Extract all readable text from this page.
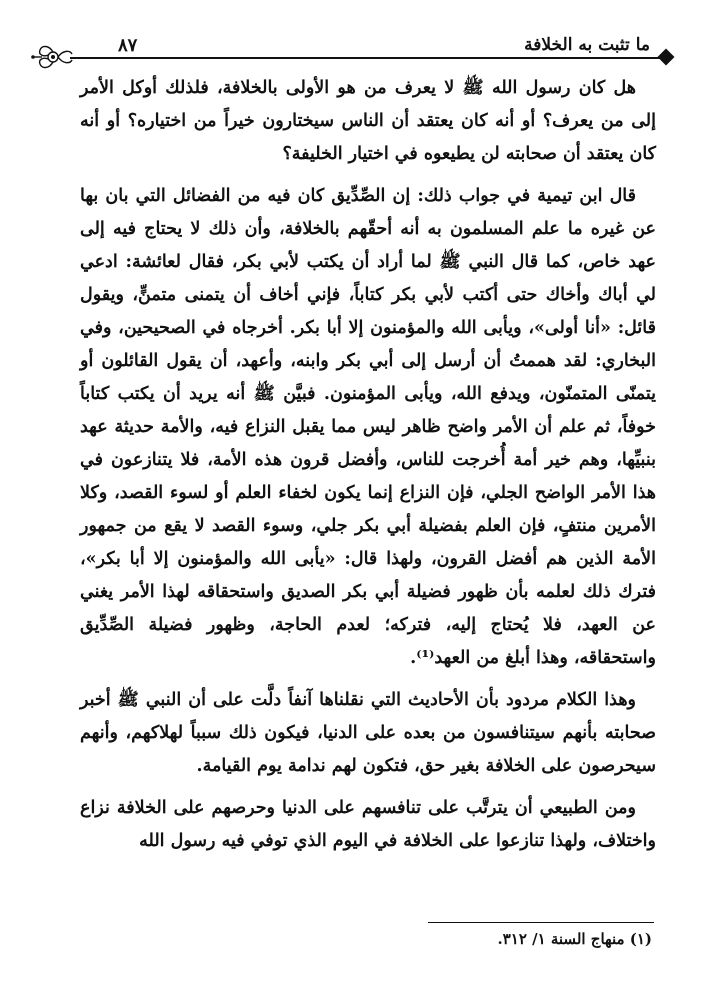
٨٧	ما تثبت به الخلافة

هل كان رسول الله ﷺ لا يعرف من هو الأولى بالخلافة، فلذلك أوكل الأمر إلى من يعرف؟ أو أنه كان يعتقد أن الناس سيختارون خيراً من اختياره؟ أو أنه كان يعتقد أن صحابته لن يطيعوه في اختيار الخليفة؟

قال ابن تيمية في جواب ذلك: إن الصِّدِّيق كان فيه من الفضائل التي بان بها عن غيره ما علم المسلمون به أنه أحقّهم بالخلافة، وأن ذلك لا يحتاج فيه إلى عهد خاص، كما قال النبي ﷺ لما أراد أن يكتب لأبي بكر، فقال لعائشة: ادعي لي أباك وأخاك حتى أكتب لأبي بكر كتاباً، فإني أخاف أن يتمنى متمنٍّ، ويقول قائل: «أنا أولى»، ويأبى الله والمؤمنون إلا أبا بكر. أخرجاه في الصحيحين، وفي البخاري: لقد هممتُ أن أرسل إلى أبي بكر وابنه، وأعهد، أن يقول القائلون أو يتمنّى المتمنّون، ويدفع الله، ويأبى المؤمنون. فبيَّن ﷺ أنه يريد أن يكتب كتاباً خوفاً، ثم علم أن الأمر واضح ظاهر ليس مما يقبل النزاع فيه، والأمة حديثة عهد بنبيِّها، وهم خير أمة أُخرجت للناس، وأفضل قرون هذه الأمة، فلا يتنازعون في هذا الأمر الواضح الجلي، فإن النزاع إنما يكون لخفاء العلم أو لسوء القصد، وكلا الأمرين منتفٍ، فإن العلم بفضيلة أبي بكر جلي، وسوء القصد لا يقع من جمهور الأمة الذين هم أفضل القرون، ولهذا قال: «يأبى الله والمؤمنون إلا أبا بكر»، فترك ذلك لعلمه بأن ظهور فضيلة أبي بكر الصديق واستحقاقه لهذا الأمر يغني عن العهد، فلا يُحتاج إليه، فتركه؛ لعدم الحاجة، وظهور فضيلة الصِّدِّيق واستحقاقه، وهذا أبلغ من العهد⁽¹⁾.

وهذا الكلام مردود بأن الأحاديث التي نقلناها آنفاً دلَّت على أن النبي ﷺ أخبر صحابته بأنهم سيتنافسون من بعده على الدنيا، فيكون ذلك سبباً لهلاكهم، وأنهم سيحرصون على الخلافة بغير حق، فتكون لهم ندامة يوم القيامة.

ومن الطبيعي أن يترتَّب على تنافسهم على الدنيا وحرصهم على الخلافة نزاع واختلاف، ولهذا تنازعوا على الخلافة في اليوم الذي توفي فيه رسول الله

(١) منهاج السنة ١/ ٣١٢.
